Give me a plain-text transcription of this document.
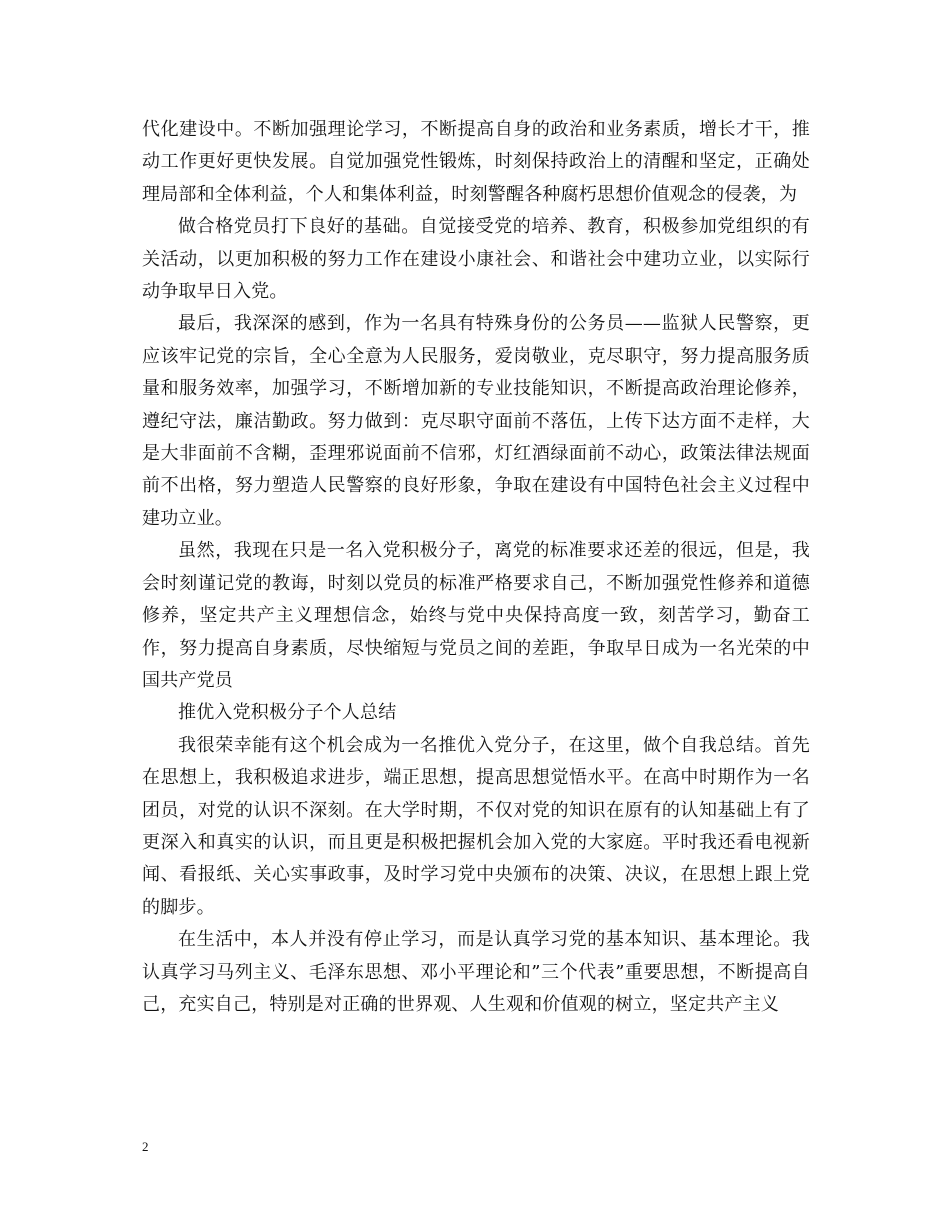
代化建设中。不断加强理论学习，不断提高自身的政治和业务素质，增长才干，推动工作更好更快发展。自觉加强党性锻炼，时刻保持政治上的清醒和坚定，正确处理局部和全体利益，个人和集体利益，时刻警醒各种腐朽思想价值观念的侵袭，为

做合格党员打下良好的基础。自觉接受党的培养、教育，积极参加党组织的有关活动，以更加积极的努力工作在建设小康社会、和谐社会中建功立业，以实际行动争取早日入党。

最后，我深深的感到，作为一名具有特殊身份的公务员——监狱人民警察，更应该牢记党的宗旨，全心全意为人民服务，爱岗敬业，克尽职守，努力提高服务质量和服务效率，加强学习，不断增加新的专业技能知识，不断提高政治理论修养，遵纪守法，廉洁勤政。努力做到：克尽职守面前不落伍，上传下达方面不走样，大是大非面前不含糊，歪理邪说面前不信邪，灯红酒绿面前不动心，政策法律法规面前不出格，努力塑造人民警察的良好形象，争取在建设有中国特色社会主义过程中建功立业。

虽然，我现在只是一名入党积极分子，离党的标准要求还差的很远，但是，我会时刻谨记党的教诲，时刻以党员的标准严格要求自己，不断加强党性修养和道德修养，坚定共产主义理想信念，始终与党中央保持高度一致，刻苦学习，勤奋工作，努力提高自身素质，尽快缩短与党员之间的差距，争取早日成为一名光荣的中国共产党员

推优入党积极分子个人总结

我很荣幸能有这个机会成为一名推优入党分子，在这里，做个自我总结。首先在思想上，我积极追求进步，端正思想，提高思想觉悟水平。在高中时期作为一名团员，对党的认识不深刻。在大学时期，不仅对党的知识在原有的认知基础上有了更深入和真实的认识，而且更是积极把握机会加入党的大家庭。平时我还看电视新闻、看报纸、关心实事政事，及时学习党中央颁布的决策、决议，在思想上跟上党的脚步。

在生活中，本人并没有停止学习，而是认真学习党的基本知识、基本理论。我认真学习马列主义、毛泽东思想、邓小平理论和”三个代表”重要思想，不断提高自己，充实自己，特别是对正确的世界观、人生观和价值观的树立，坚定共产主义

2
